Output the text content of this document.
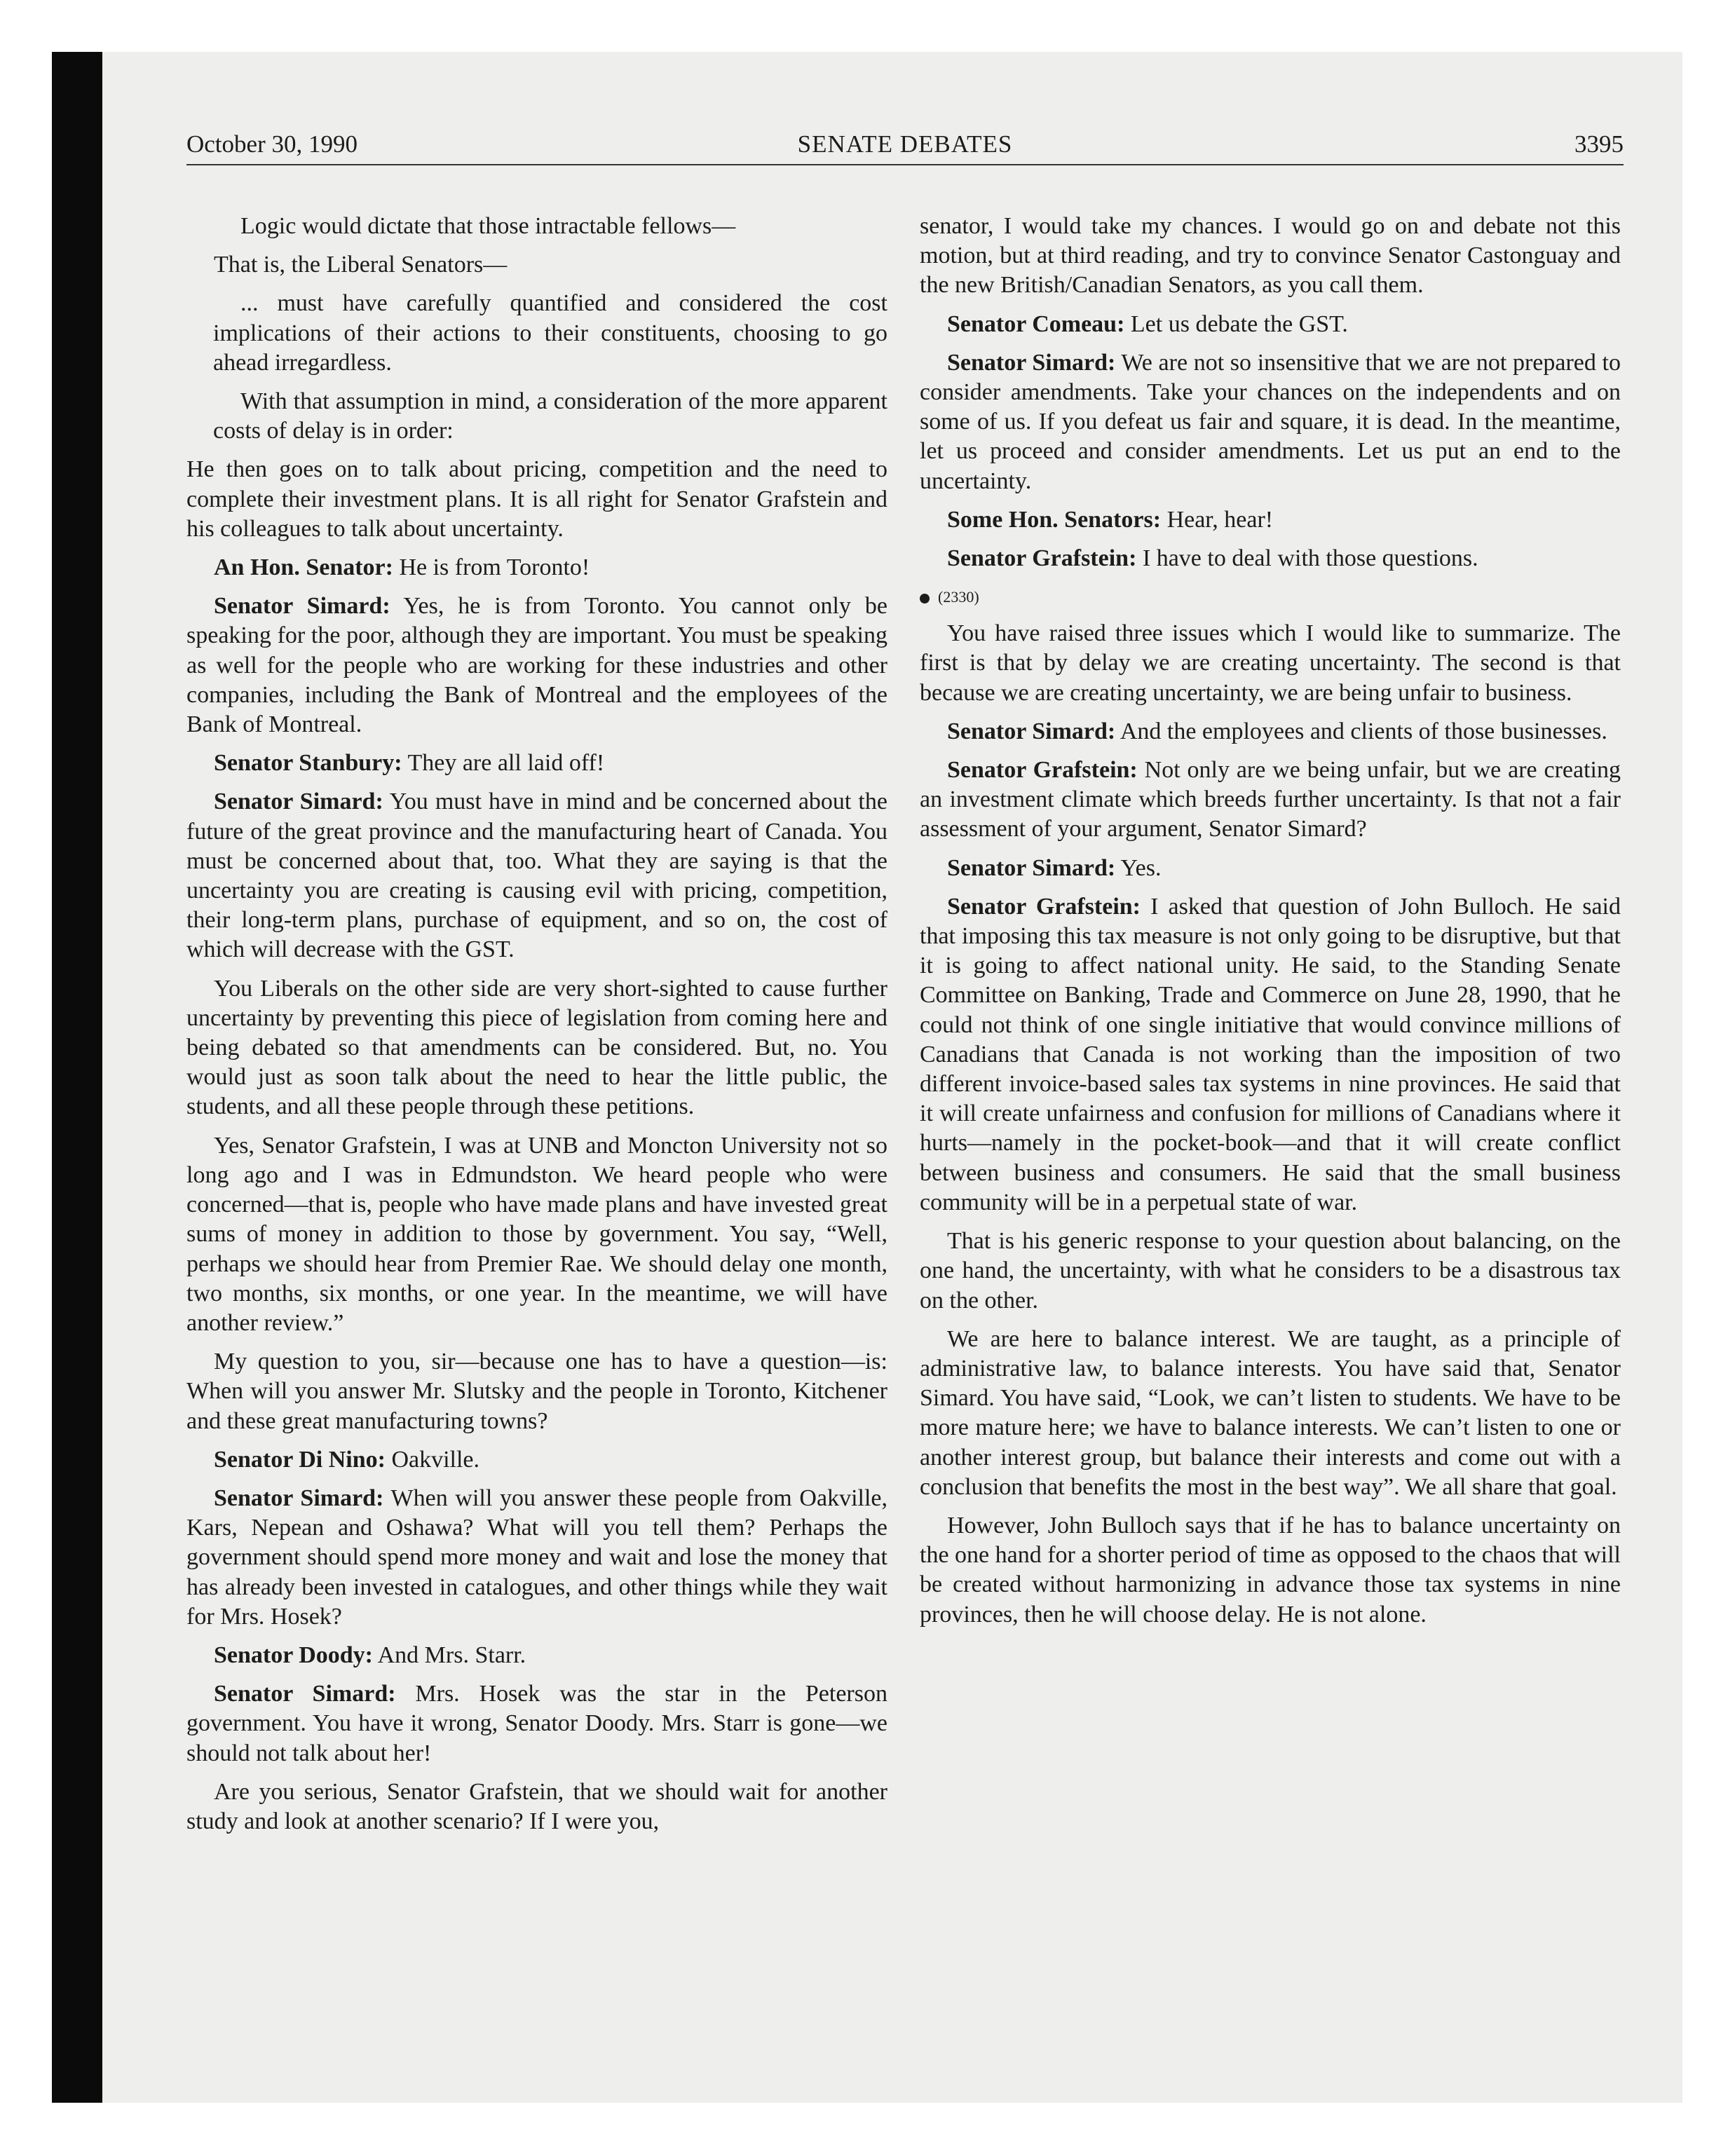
October 30, 1990	SENATE DEBATES	3395

Logic would dictate that those intractable fellows—

That is, the Liberal Senators—

... must have carefully quantified and considered the cost implications of their actions to their constituents, choosing to go ahead irregardless.

With that assumption in mind, a consideration of the more apparent costs of delay is in order:

He then goes on to talk about pricing, competition and the need to complete their investment plans. It is all right for Senator Grafstein and his colleagues to talk about uncertainty.

An Hon. Senator: He is from Toronto!

Senator Simard: Yes, he is from Toronto. You cannot only be speaking for the poor, although they are important. You must be speaking as well for the people who are working for these industries and other companies, including the Bank of Montreal and the employees of the Bank of Montreal.

Senator Stanbury: They are all laid off!

Senator Simard: You must have in mind and be concerned about the future of the great province and the manufacturing heart of Canada. You must be concerned about that, too. What they are saying is that the uncertainty you are creating is causing evil with pricing, competition, their long-term plans, purchase of equipment, and so on, the cost of which will decrease with the GST.

You Liberals on the other side are very short-sighted to cause further uncertainty by preventing this piece of legislation from coming here and being debated so that amendments can be considered. But, no. You would just as soon talk about the need to hear the little public, the students, and all these people through these petitions.

Yes, Senator Grafstein, I was at UNB and Moncton University not so long ago and I was in Edmundston. We heard people who were concerned—that is, people who have made plans and have invested great sums of money in addition to those by government. You say, “Well, perhaps we should hear from Premier Rae. We should delay one month, two months, six months, or one year. In the meantime, we will have another review.”

My question to you, sir—because one has to have a question—is: When will you answer Mr. Slutsky and the people in Toronto, Kitchener and these great manufacturing towns?

Senator Di Nino: Oakville.

Senator Simard: When will you answer these people from Oakville, Kars, Nepean and Oshawa? What will you tell them? Perhaps the government should spend more money and wait and lose the money that has already been invested in catalogues, and other things while they wait for Mrs. Hosek?

Senator Doody: And Mrs. Starr.

Senator Simard: Mrs. Hosek was the star in the Peterson government. You have it wrong, Senator Doody. Mrs. Starr is gone—we should not talk about her!

Are you serious, Senator Grafstein, that we should wait for another study and look at another scenario? If I were you,

senator, I would take my chances. I would go on and debate not this motion, but at third reading, and try to convince Senator Castonguay and the new British/Canadian Senators, as you call them.

Senator Comeau: Let us debate the GST.

Senator Simard: We are not so insensitive that we are not prepared to consider amendments. Take your chances on the independents and on some of us. If you defeat us fair and square, it is dead. In the meantime, let us proceed and consider amendments. Let us put an end to the uncertainty.

Some Hon. Senators: Hear, hear!

Senator Grafstein: I have to deal with those questions.

(2330)

You have raised three issues which I would like to summarize. The first is that by delay we are creating uncertainty. The second is that because we are creating uncertainty, we are being unfair to business.

Senator Simard: And the employees and clients of those businesses.

Senator Grafstein: Not only are we being unfair, but we are creating an investment climate which breeds further uncertainty. Is that not a fair assessment of your argument, Senator Simard?

Senator Simard: Yes.

Senator Grafstein: I asked that question of John Bulloch. He said that imposing this tax measure is not only going to be disruptive, but that it is going to affect national unity. He said, to the Standing Senate Committee on Banking, Trade and Commerce on June 28, 1990, that he could not think of one single initiative that would convince millions of Canadians that Canada is not working than the imposition of two different invoice-based sales tax systems in nine provinces. He said that it will create unfairness and confusion for millions of Canadians where it hurts—namely in the pocket-book—and that it will create conflict between business and consumers. He said that the small business community will be in a perpetual state of war.

That is his generic response to your question about balancing, on the one hand, the uncertainty, with what he considers to be a disastrous tax on the other.

We are here to balance interest. We are taught, as a principle of administrative law, to balance interests. You have said that, Senator Simard. You have said, “Look, we can’t listen to students. We have to be more mature here; we have to balance interests. We can’t listen to one or another interest group, but balance their interests and come out with a conclusion that benefits the most in the best way”. We all share that goal.

However, John Bulloch says that if he has to balance uncertainty on the one hand for a shorter period of time as opposed to the chaos that will be created without harmonizing in advance those tax systems in nine provinces, then he will choose delay. He is not alone.
